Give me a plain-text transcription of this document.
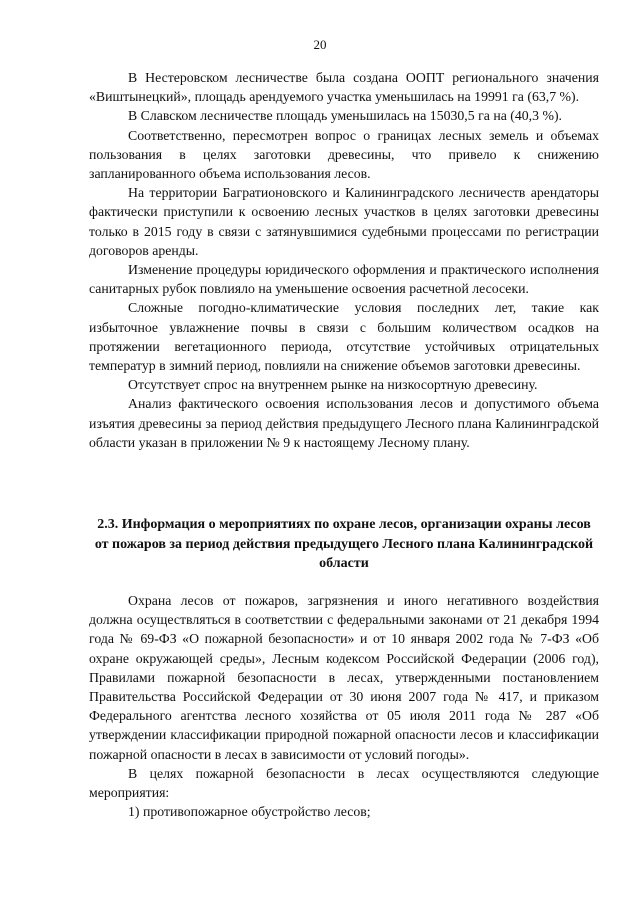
20

В Нестеровском лесничестве была создана ООПТ регионального значения «Виштынецкий», площадь арендуемого участка уменьшилась на 19991 га (63,7 %).

В Славском лесничестве площадь уменьшилась на 15030,5 га на (40,3 %).

Соответственно, пересмотрен вопрос о границах лесных земель и объемах пользования в целях заготовки древесины, что привело к снижению запланированного объема использования лесов.

На территории Багратионовского и Калининградского лесничеств арендаторы фактически приступили к освоению лесных участков в целях заготовки древесины только в 2015 году в связи с затянувшимися судебными процессами по регистрации договоров аренды.

Изменение процедуры юридического оформления и практического исполнения санитарных рубок повлияло на уменьшение освоения расчетной лесосеки.

Сложные погодно-климатические условия последних лет, такие как избыточное увлажнение почвы в связи с большим количеством осадков на протяжении вегетационного периода, отсутствие устойчивых отрицательных температур в зимний период, повлияли на снижение объемов заготовки древесины.

Отсутствует спрос на внутреннем рынке на низкосортную древесину.

Анализ фактического освоения использования лесов и допустимого объема изъятия древесины за период действия предыдущего Лесного плана Калининградской области указан в приложении № 9 к настоящему Лесному плану.

2.3. Информация о мероприятиях по охране лесов, организации охраны лесов от пожаров за период действия предыдущего Лесного плана Калининградской области

Охрана лесов от пожаров, загрязнения и иного негативного воздействия должна осуществляться в соответствии с федеральными законами от 21 декабря 1994 года № 69-ФЗ «О пожарной безопасности» и от 10 января 2002 года № 7-ФЗ «Об охране окружающей среды», Лесным кодексом Российской Федерации (2006 год), Правилами пожарной безопасности в лесах, утвержденными постановлением Правительства Российской Федерации от 30 июня 2007 года № 417, и приказом Федерального агентства лесного хозяйства от 05 июля 2011 года № 287 «Об утверждении классификации природной пожарной опасности лесов и классификации пожарной опасности в лесах в зависимости от условий погоды».

В целях пожарной безопасности в лесах осуществляются следующие мероприятия:

1) противопожарное обустройство лесов;
